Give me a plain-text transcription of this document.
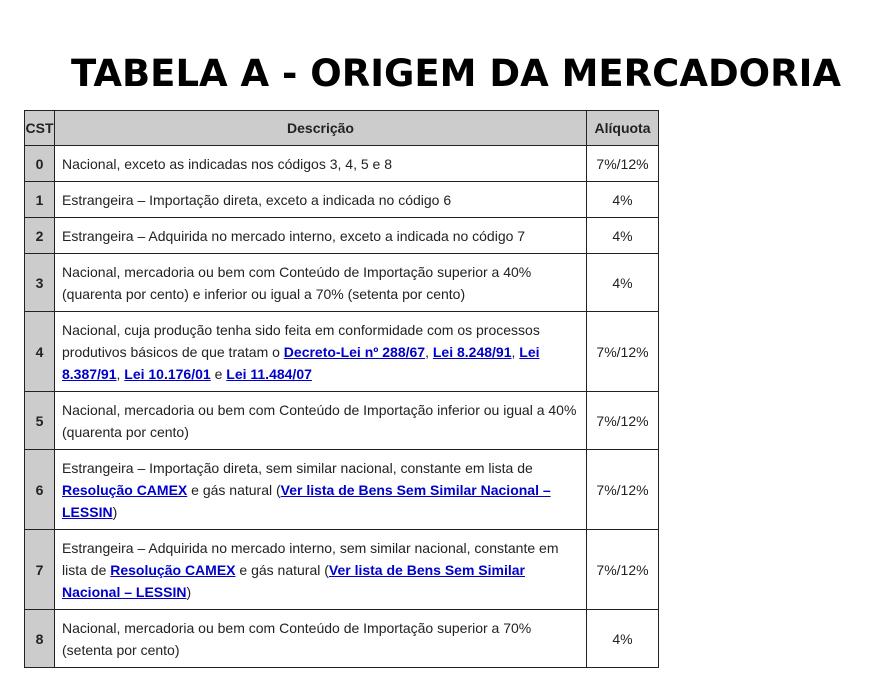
TABELA A - ORIGEM DA MERCADORIA
CST	Descrição	Alíquota
0	Nacional, exceto as indicadas nos códigos 3, 4, 5 e 8	7%/12%
1	Estrangeira – Importação direta, exceto a indicada no código 6	4%
2	Estrangeira – Adquirida no mercado interno, exceto a indicada no código 7	4%
3	Nacional, mercadoria ou bem com Conteúdo de Importação superior a 40% (quarenta por cento) e inferior ou igual a 70% (setenta por cento)	4%
4	Nacional, cuja produção tenha sido feita em conformidade com os processos produtivos básicos de que tratam o Decreto-Lei nº 288/67, Lei 8.248/91, Lei 8.387/91, Lei 10.176/01 e Lei 11.484/07	7%/12%
5	Nacional, mercadoria ou bem com Conteúdo de Importação inferior ou igual a 40% (quarenta por cento)	7%/12%
6	Estrangeira – Importação direta, sem similar nacional, constante em lista de Resolução CAMEX e gás natural (Ver lista de Bens Sem Similar Nacional – LESSIN)	7%/12%
7	Estrangeira – Adquirida no mercado interno, sem similar nacional, constante em lista de Resolução CAMEX e gás natural (Ver lista de Bens Sem Similar Nacional – LESSIN)	7%/12%
8	Nacional, mercadoria ou bem com Conteúdo de Importação superior a 70% (setenta por cento)	4%
